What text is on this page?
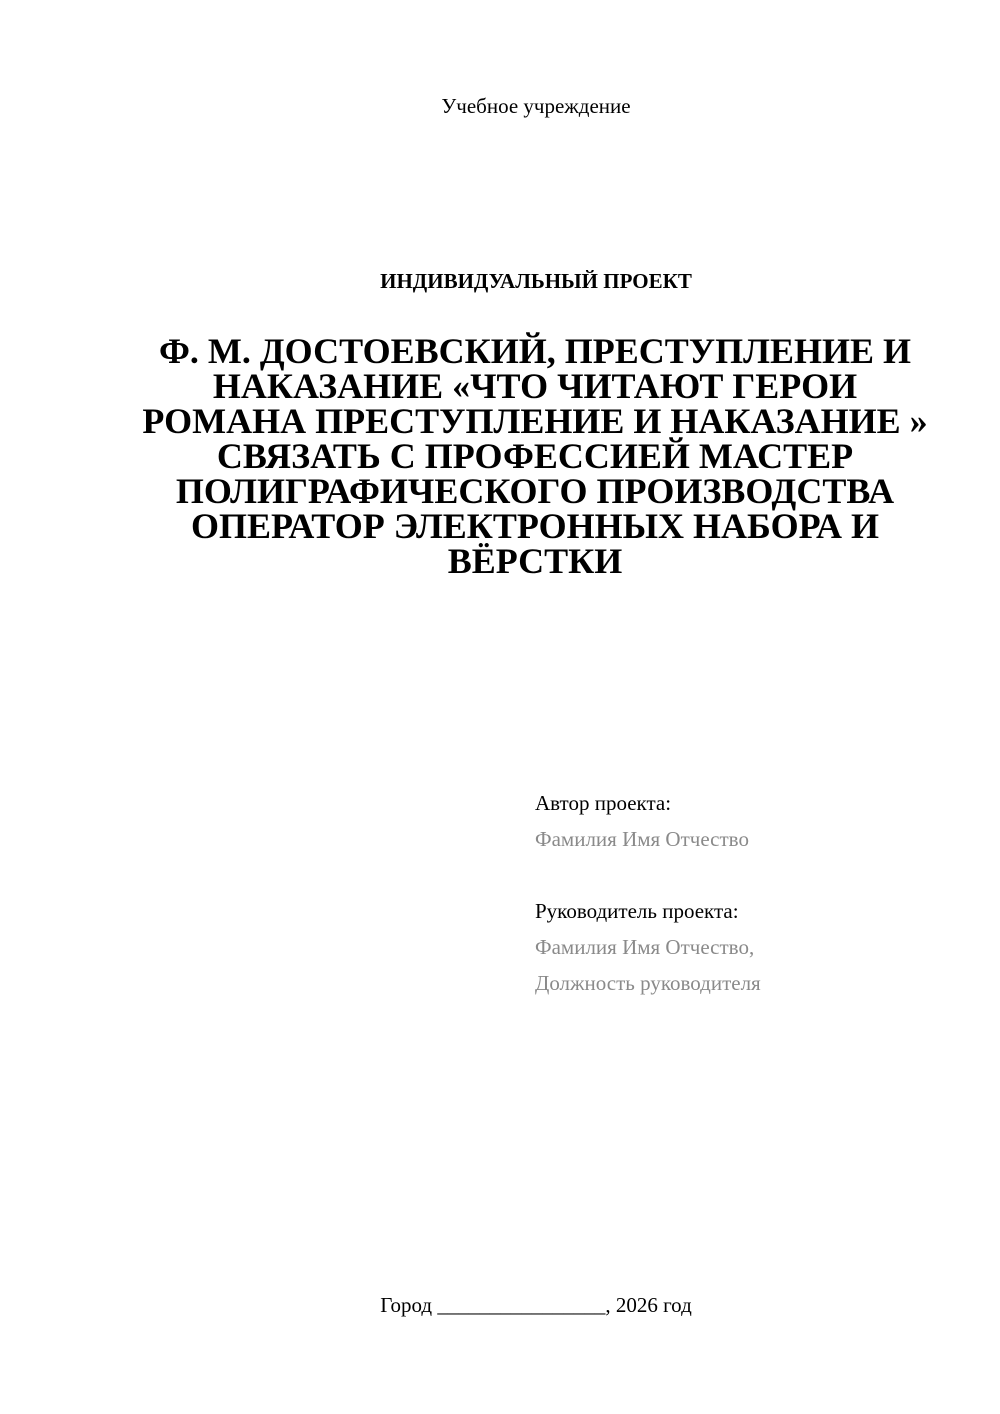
Учебное учреждение
ИНДИВИДУАЛЬНЫЙ ПРОЕКТ
Ф. М. ДОСТОЕВСКИЙ, ПРЕСТУПЛЕНИЕ И НАКАЗАНИЕ «ЧТО ЧИТАЮТ ГЕРОИ РОМАНА ПРЕСТУПЛЕНИЕ И НАКАЗАНИЕ » СВЯЗАТЬ С ПРОФЕССИЕЙ МАСТЕР ПОЛИГРАФИЧЕСКОГО ПРОИЗВОДСТВА ОПЕРАТОР ЭЛЕКТРОННЫХ НАБОРА И ВЁРСТКИ
Автор проекта:
Фамилия Имя Отчество
Руководитель проекта:
Фамилия Имя Отчество,
Должность руководителя
Город ________________, 2026 год
